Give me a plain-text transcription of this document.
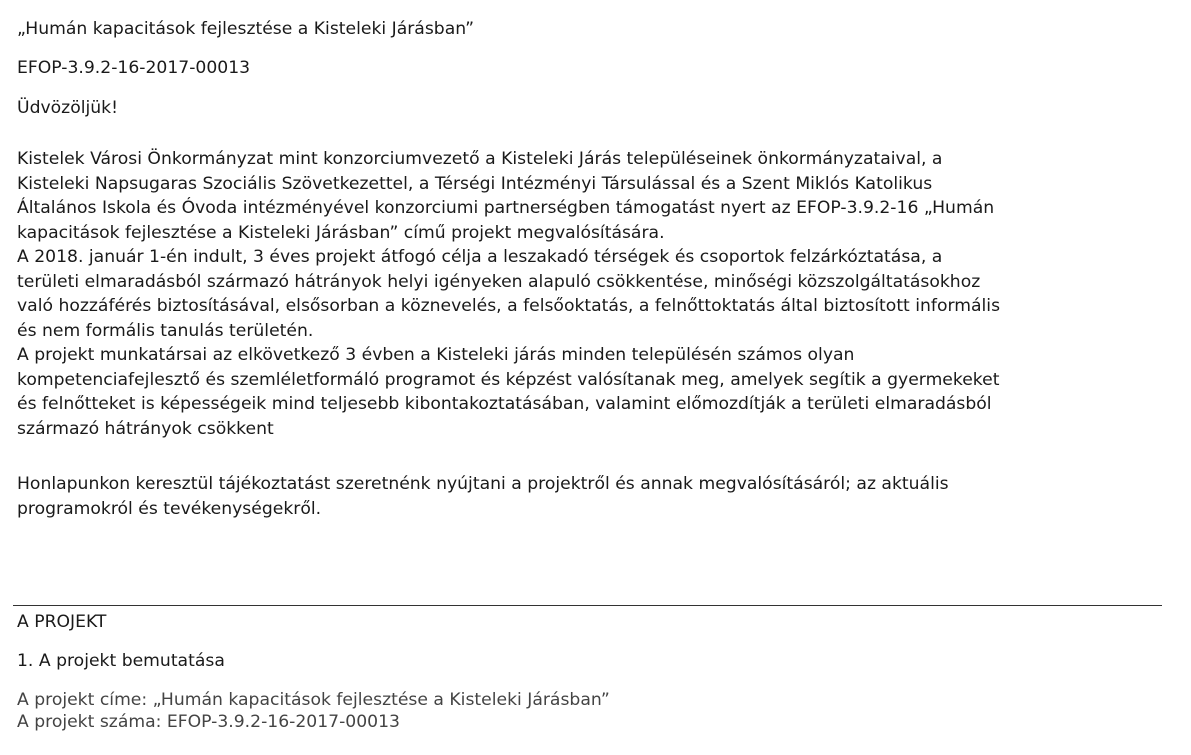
„Humán kapacitások fejlesztése a Kisteleki Járásban”
EFOP-3.9.2-16-2017-00013
Üdvözöljük!
Kistelek Városi Önkormányzat mint konzorciumvezető a Kisteleki Járás településeinek önkormányzataival, a
Kisteleki Napsugaras Szociális Szövetkezettel, a Térségi Intézményi Társulással és a Szent Miklós Katolikus
Általános Iskola és Óvoda intézményével konzorciumi partnerségben támogatást nyert az EFOP-3.9.2-16 „Humán
kapacitások fejlesztése a Kisteleki Járásban” című projekt megvalósítására.
A 2018. január 1-én indult, 3 éves projekt átfogó célja a leszakadó térségek és csoportok felzárkóztatása, a
területi elmaradásból származó hátrányok helyi igényeken alapuló csökkentése, minőségi közszolgáltatásokhoz
való hozzáférés biztosításával, elsősorban a köznevelés, a felsőoktatás, a felnőttoktatás által biztosított informális
és nem formális tanulás területén.
A projekt munkatársai az elkövetkező 3 évben a Kisteleki járás minden településén számos olyan
kompetenciafejlesztő és szemléletformáló programot és képzést valósítanak meg, amelyek segítik a gyermekeket
és felnőtteket is képességeik mind teljesebb kibontakoztatásában, valamint előmozdítják a területi elmaradásból
származó hátrányok csökkent
Honlapunkon keresztül tájékoztatást szeretnénk nyújtani a projektről és annak megvalósításáról; az aktuális
programokról és tevékenységekről.
A PROJEKT
1. A projekt bemutatása
A projekt címe: „Humán kapacitások fejlesztése a Kisteleki Járásban”
A projekt száma: EFOP-3.9.2-16-2017-00013
